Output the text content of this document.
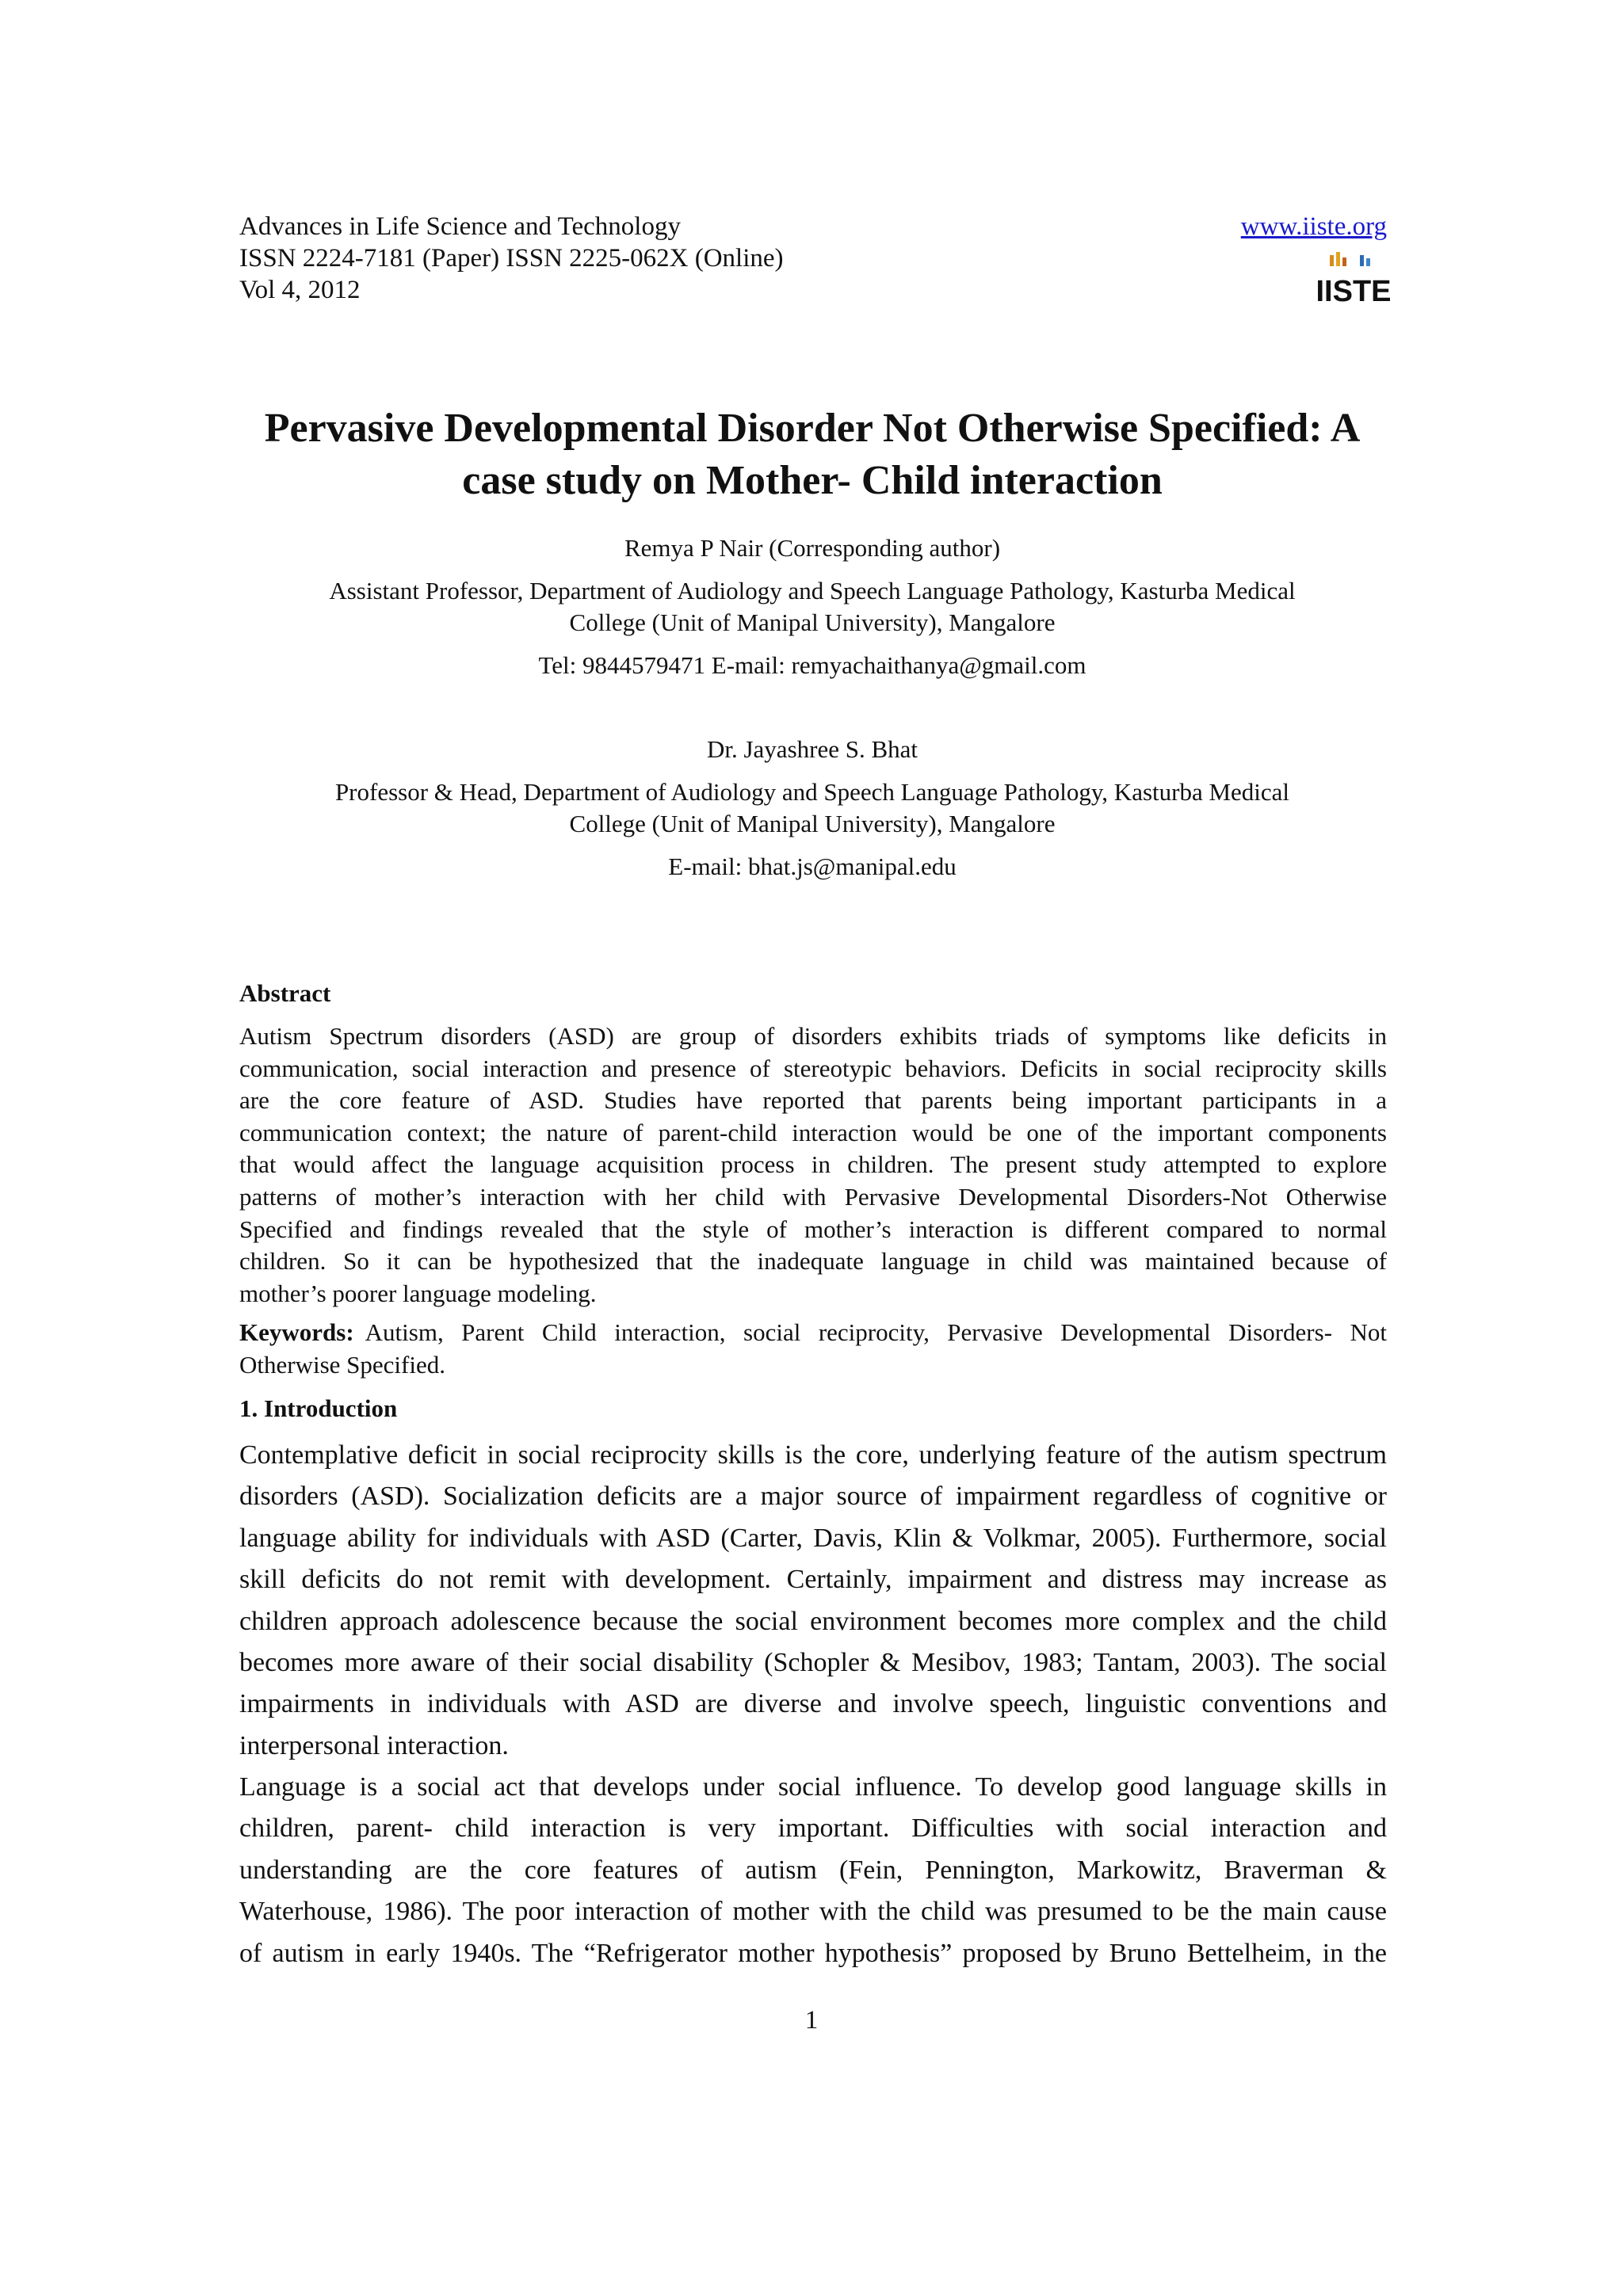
Advances in Life Science and Technology
ISSN 2224-7181 (Paper) ISSN 2225-062X (Online)
Vol 4, 2012
www.iiste.org
IISTE
Pervasive Developmental Disorder Not Otherwise Specified: A
case study on Mother- Child interaction
Remya P Nair (Corresponding author)
Assistant Professor, Department of Audiology and Speech Language Pathology, Kasturba Medical
College (Unit of Manipal University), Mangalore
Tel: 9844579471 E-mail: remyachaithanya@gmail.com
Dr. Jayashree S. Bhat
Professor & Head, Department of Audiology and Speech Language Pathology, Kasturba Medical
College (Unit of Manipal University), Mangalore
E-mail: bhat.js@manipal.edu
Abstract
Autism Spectrum disorders (ASD) are group of disorders exhibits triads of symptoms like deficits in
communication, social interaction and presence of stereotypic behaviors. Deficits in social reciprocity skills
are the core feature of ASD. Studies have reported that parents being important participants in a
communication context; the nature of parent-child interaction would be one of the important components
that would affect the language acquisition process in children. The present study attempted to explore
patterns of mother’s interaction with her child with Pervasive Developmental Disorders-Not Otherwise
Specified and findings revealed that the style of mother’s interaction is different compared to normal
children. So it can be hypothesized that the inadequate language in child was maintained because of
mother’s poorer language modeling.
Keywords: Autism, Parent Child interaction, social reciprocity, Pervasive Developmental Disorders- Not
Otherwise Specified.
1. Introduction
Contemplative deficit in social reciprocity skills is the core, underlying feature of the autism spectrum
disorders (ASD). Socialization deficits are a major source of impairment regardless of cognitive or
language ability for individuals with ASD (Carter, Davis, Klin & Volkmar, 2005). Furthermore, social
skill deficits do not remit with development. Certainly, impairment and distress may increase as
children approach adolescence because the social environment becomes more complex and the child
becomes more aware of their social disability (Schopler & Mesibov, 1983; Tantam, 2003). The social
impairments in individuals with ASD are diverse and involve speech, linguistic conventions and
interpersonal interaction.
Language is a social act that develops under social influence. To develop good language skills in
children, parent- child interaction is very important. Difficulties with social interaction and
understanding are the core features of autism (Fein, Pennington, Markowitz, Braverman &
Waterhouse, 1986). The poor interaction of mother with the child was presumed to be the main cause
of autism in early 1940s. The “Refrigerator mother hypothesis” proposed by Bruno Bettelheim, in the
1
